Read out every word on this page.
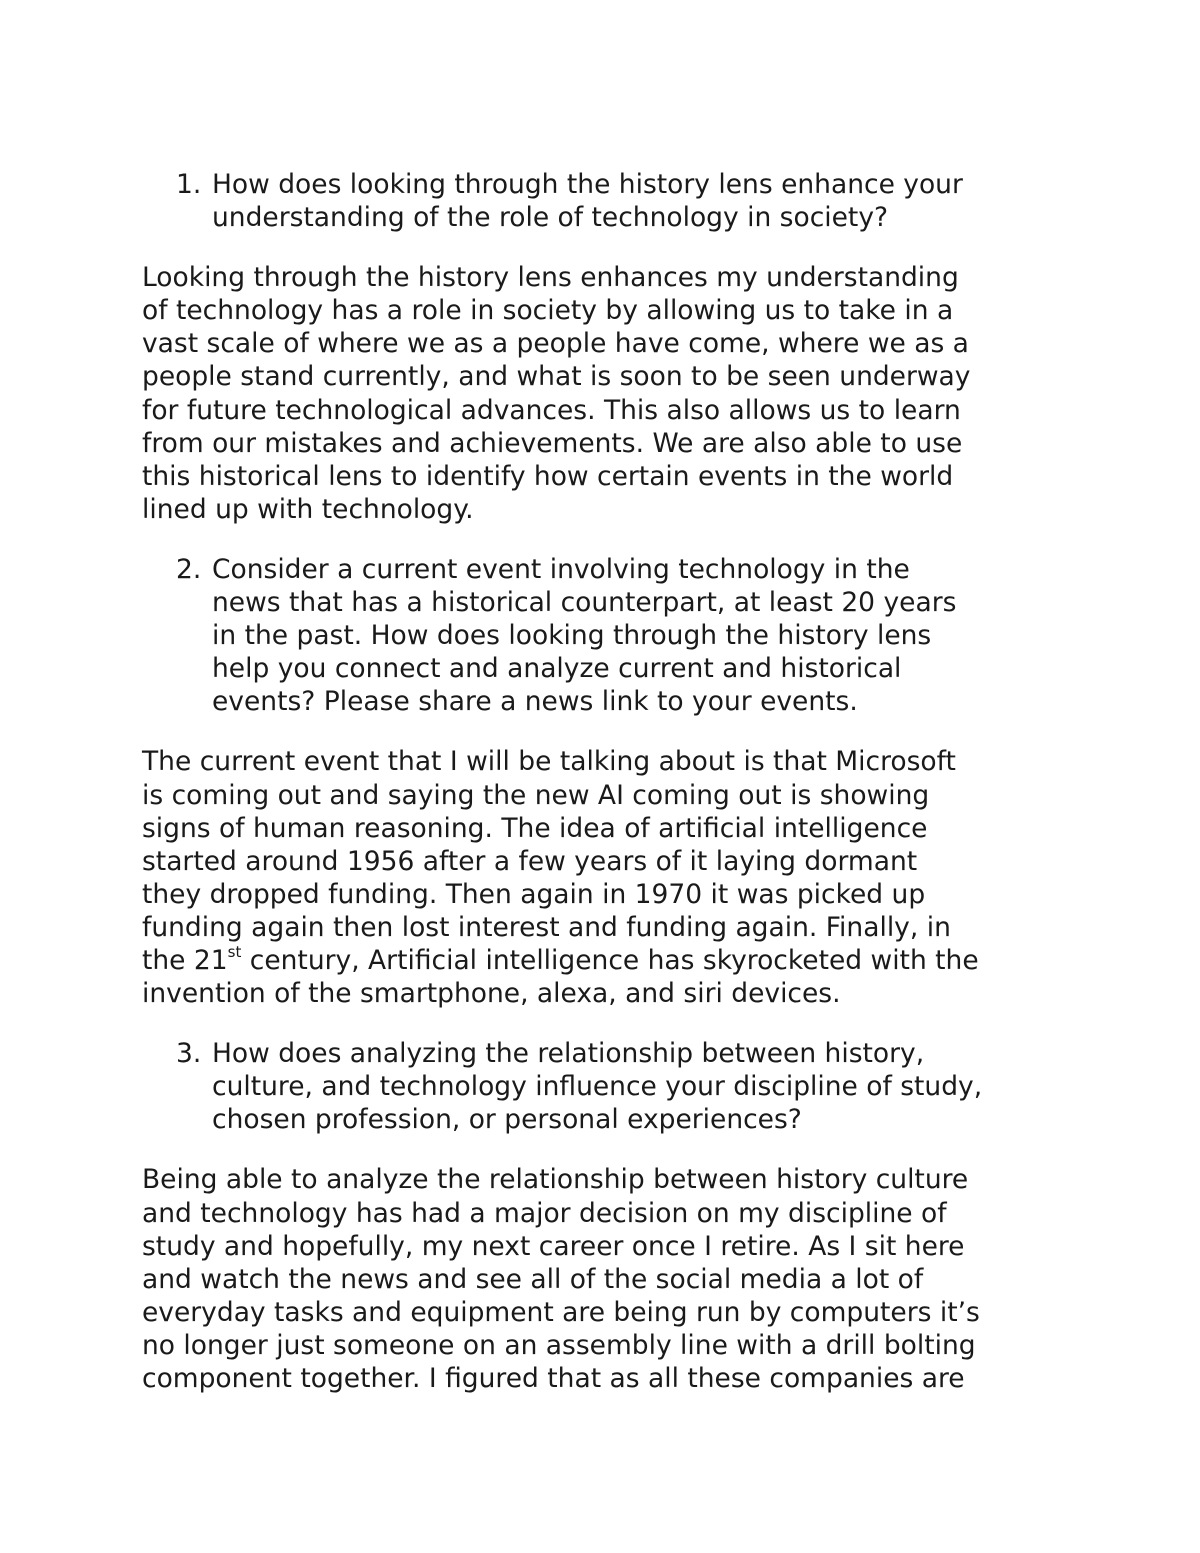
1. How does looking through the history lens enhance your
understanding of the role of technology in society?
Looking through the history lens enhances my understanding
of technology has a role in society by allowing us to take in a
vast scale of where we as a people have come, where we as a
people stand currently, and what is soon to be seen underway
for future technological advances. This also allows us to learn
from our mistakes and achievements. We are also able to use
this historical lens to identify how certain events in the world
lined up with technology.
2. Consider a current event involving technology in the
news that has a historical counterpart, at least 20 years
in the past. How does looking through the history lens
help you connect and analyze current and historical
events? Please share a news link to your events.
The current event that I will be talking about is that Microsoft
is coming out and saying the new AI coming out is showing
signs of human reasoning. The idea of artificial intelligence
started around 1956 after a few years of it laying dormant
they dropped funding. Then again in 1970 it was picked up
funding again then lost interest and funding again. Finally, in
the 21st century, Artificial intelligence has skyrocketed with the
invention of the smartphone, alexa, and siri devices.
3. How does analyzing the relationship between history,
culture, and technology influence your discipline of study,
chosen profession, or personal experiences?
Being able to analyze the relationship between history culture
and technology has had a major decision on my discipline of
study and hopefully, my next career once I retire. As I sit here
and watch the news and see all of the social media a lot of
everyday tasks and equipment are being run by computers it’s
no longer just someone on an assembly line with a drill bolting
component together. I figured that as all these companies are
